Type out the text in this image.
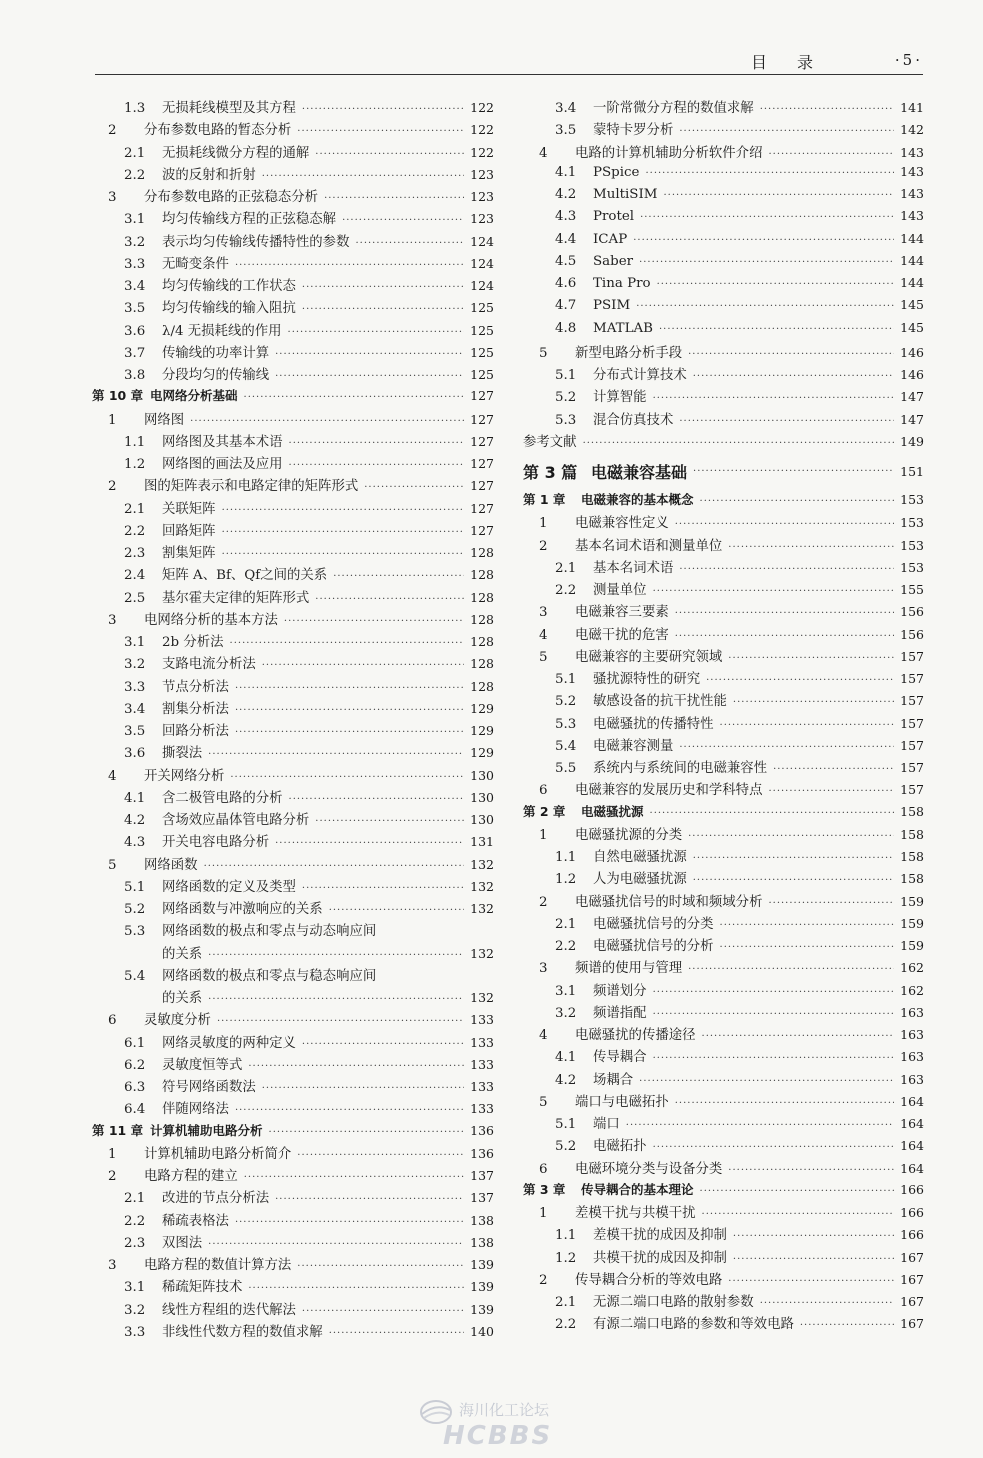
目录	·5·
1.3	无损耗线模型及其方程 ·····	122
2	分布参数电路的暂态分析 ·····	122
2.1	无损耗线微分方程的通解 ·····	122
2.2	波的反射和折射 ·····	123
3	分布参数电路的正弦稳态分析 ·····	123
3.1	均匀传输线方程的正弦稳态解 ·····	123
3.2	表示均匀传输线传播特性的参数 ·····	124
3.3	无畸变条件 ·····	124
3.4	均匀传输线的工作状态 ·····	124
3.5	均匀传输线的输入阻抗 ·····	125
3.6	λ/4 无损耗线的作用 ·····	125
3.7	传输线的功率计算 ·····	125
3.8	分段均匀的传输线 ·····	125
第 10 章 电网络分析基础 ·····	127
1	网络图 ·····	127
1.1	网络图及其基本术语 ·····	127
1.2	网络图的画法及应用 ·····	127
2	图的矩阵表示和电路定律的矩阵形式 ·····	127
2.1	关联矩阵 ·····	127
2.2	回路矩阵 ·····	127
2.3	割集矩阵 ·····	128
2.4	矩阵 A、Bf、Qf之间的关系 ·····	128
2.5	基尔霍夫定律的矩阵形式 ·····	128
3	电网络分析的基本方法 ·····	128
3.1	2b 分析法 ·····	128
3.2	支路电流分析法 ·····	128
3.3	节点分析法 ·····	128
3.4	割集分析法 ·····	129
3.5	回路分析法 ·····	129
3.6	撕裂法 ·····	129
4	开关网络分析 ·····	130
4.1	含二极管电路的分析 ·····	130
4.2	含场效应晶体管电路分析 ·····	130
4.3	开关电容电路分析 ·····	131
5	网络函数 ·····	132
5.1	网络函数的定义及类型 ·····	132
5.2	网络函数与冲激响应的关系 ·····	132
5.3	网络函数的极点和零点与动态响应间
的关系 ·····	132
5.4	网络函数的极点和零点与稳态响应间
的关系 ·····	132
6	灵敏度分析 ·····	133
6.1	网络灵敏度的两种定义 ·····	133
6.2	灵敏度恒等式 ·····	133
6.3	符号网络函数法 ·····	133
6.4	伴随网络法 ·····	133
第 11 章 计算机辅助电路分析 ·····	136
1	计算机辅助电路分析简介 ·····	136
2	电路方程的建立 ·····	137
2.1	改进的节点分析法 ·····	137
2.2	稀疏表格法 ·····	138
2.3	双图法 ·····	138
3	电路方程的数值计算方法 ·····	139
3.1	稀疏矩阵技术 ·····	139
3.2	线性方程组的迭代解法 ·····	139
3.3	非线性代数方程的数值求解 ·····	140
3.4	一阶常微分方程的数值求解 ·····	141
3.5	蒙特卡罗分析 ·····	142
4	电路的计算机辅助分析软件介绍 ·····	143
4.1	PSpice ·····	143
4.2	MultiSIM ·····	143
4.3	Protel ·····	143
4.4	ICAP ·····	144
4.5	Saber ·····	144
4.6	Tina Pro ·····	144
4.7	PSIM ·····	145
4.8	MATLAB ·····	145
5	新型电路分析手段 ·····	146
5.1	分布式计算技术 ·····	146
5.2	计算智能 ·····	147
5.3	混合仿真技术 ·····	147
参考文献 ·····	149
第 3 篇 电磁兼容基础 ·····	151
第 1 章	电磁兼容的基本概念 ·····	153
1	电磁兼容性定义 ·····	153
2	基本名词术语和测量单位 ·····	153
2.1	基本名词术语 ·····	153
2.2	测量单位 ·····	155
3	电磁兼容三要素 ·····	156
4	电磁干扰的危害 ·····	156
5	电磁兼容的主要研究领域 ·····	157
5.1	骚扰源特性的研究 ·····	157
5.2	敏感设备的抗干扰性能 ·····	157
5.3	电磁骚扰的传播特性 ·····	157
5.4	电磁兼容测量 ·····	157
5.5	系统内与系统间的电磁兼容性 ·····	157
6	电磁兼容的发展历史和学科特点 ·····	157
第 2 章	电磁骚扰源 ·····	158
1	电磁骚扰源的分类 ·····	158
1.1	自然电磁骚扰源 ·····	158
1.2	人为电磁骚扰源 ·····	158
2	电磁骚扰信号的时域和频域分析 ·····	159
2.1	电磁骚扰信号的分类 ·····	159
2.2	电磁骚扰信号的分析 ·····	159
3	频谱的使用与管理 ·····	162
3.1	频谱划分 ·····	162
3.2	频谱指配 ·····	163
4	电磁骚扰的传播途径 ·····	163
4.1	传导耦合 ·····	163
4.2	场耦合 ·····	163
5	端口与电磁拓扑 ·····	164
5.1	端口 ·····	164
5.2	电磁拓扑 ·····	164
6	电磁环境分类与设备分类 ·····	164
第 3 章	传导耦合的基本理论 ·····	166
1	差模干扰与共模干扰 ·····	166
1.1	差模干扰的成因及抑制 ·····	166
1.2	共模干扰的成因及抑制 ·····	167
2	传导耦合分析的等效电路 ·····	167
2.1	无源二端口电路的散射参数 ·····	167
2.2	有源二端口电路的参数和等效电路 ·····	167
海川化工论坛
HCBBS
